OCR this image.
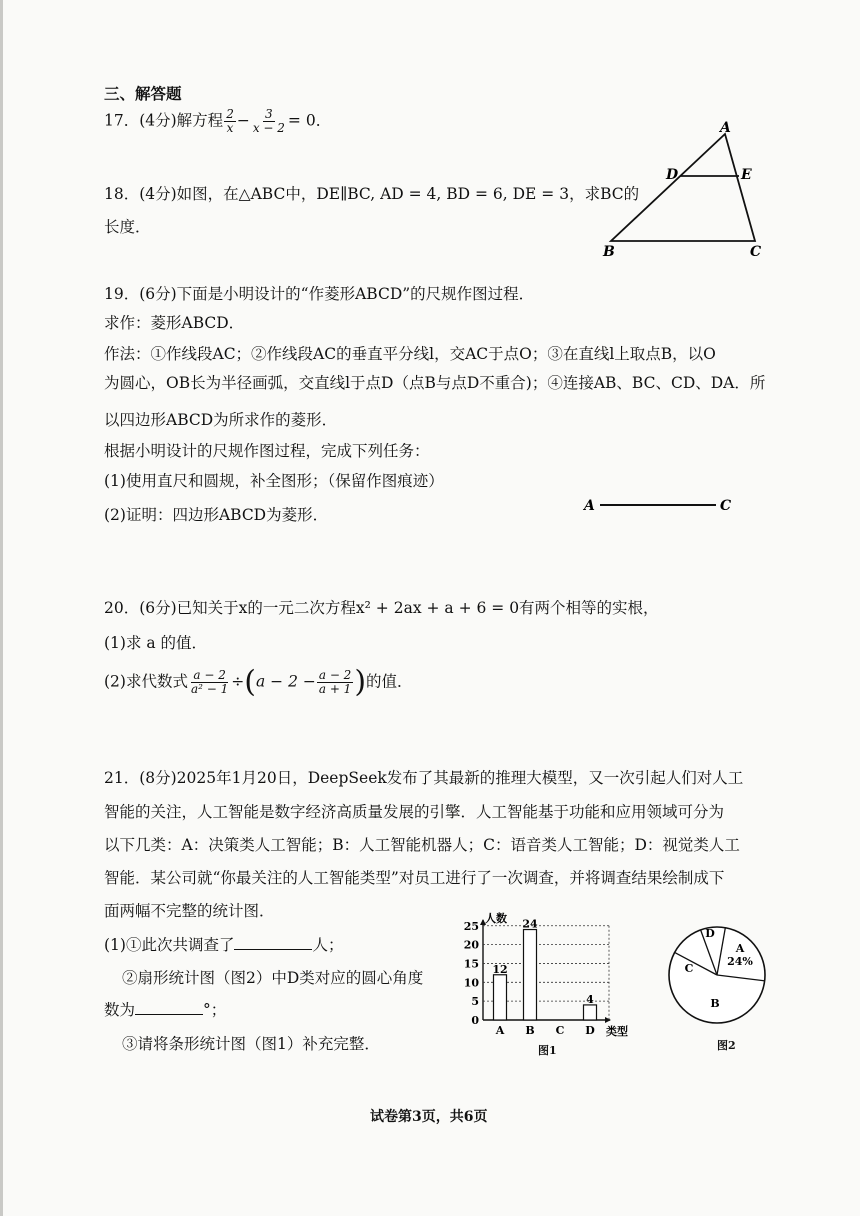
三、解答题
17．(4分)解方程 $\frac{2}{x} - \frac{3}{x - 2} = 0$．
18．(4分)如图，在△ABC中，DE∥BC, AD = 4, BD = 6, DE = 3，求BC的
长度．
A
D	E
B	C
19．(6分)下面是小明设计的“作菱形ABCD”的尺规作图过程．
求作：菱形ABCD．
作法：①作线段AC；②作线段AC的垂直平分线l，交AC于点O；③在直线l上取点B，以O
为圆心，OB长为半径画弧，交直线l于点D（点B与点D不重合)；④连接AB、BC、CD、DA．所
以四边形ABCD为所求作的菱形．
根据小明设计的尺规作图过程，完成下列任务：
(1)使用直尺和圆规，补全图形；（保留作图痕迹）
(2)证明：四边形ABCD为菱形．	A	C
20．(6分)已知关于x的一元二次方程x² + 2ax + a + 6 = 0有两个相等的实根，
(1)求 a 的值．
(2)求代数式 $\frac{a - 2}{\text{a² − 1}} \div(a - 2 - \frac{a - 2}{a + 1}$ )的值．
21．(8分)2025年1月20日，DeepSeek发布了其最新的推理大模型，又一次引起人们对人工
智能的关注，人工智能是数字经济高质量发展的引擎．人工智能基于功能和应用领域可分为
以下几类：A：决策类人工智能；B：人工智能机器人；C：语音类人工智能；D：视觉类人工
智能．某公司就“你最关注的人工智能类型”对员工进行了一次调查，并将调查结果绘制成下
面两幅不完整的统计图．
(1)①此次共调查了	人；
②扇形统计图（图2）中D类对应的圆心角度
数为	°；
③请将条形统计图（图1）补充完整．
0
5
10
15
20
25
人数
类型
A
12
B
24
C D
4
图1
A
24%
B
C
D
图2
试卷第3页，共6页
